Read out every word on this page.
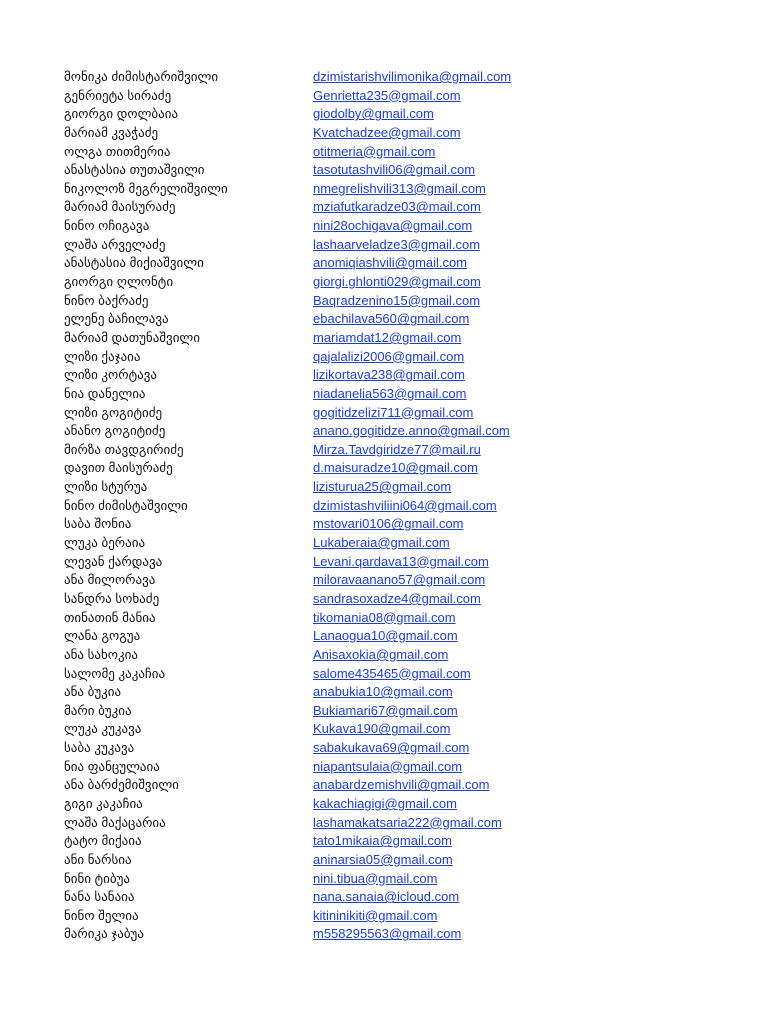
მონიკა ძიმისტარიშვილი	dzimistarishvilimonika@gmail.com
გენრიეტა სირაძე	Genrietta235@gmail.com
გიორგი დოლბაია	giodolby@gmail.com
მარიამ კვაჭაძე	Kvatchadzee@gmail.com
ოლგა თითმერია	otitmeria@gmail.com
ანასტასია თუთაშვილი	tasotutashvili06@gmail.com
ნიკოლოზ მეგრელიშვილი	nmegrelishvili313@gmail.com
მარიამ მაისურაძე	mziafutkaradze03@mail.com
ნინო ოჩიგავა	nini28ochigava@gmail.com
ლაშა არველაძე	lashaarveladze3@gmail.com
ანასტასია მიქიაშვილი	anomiqiashvili@gmail.com
გიორგი ღლონტი	giorgi.ghlonti029@gmail.com
ნინო ბაქრაძე	Baqradzenino15@gmail.com
ელენე ბაჩილავა	ebachilava560@gmail.com
მარიამ დათუნაშვილი	mariamdat12@gmail.com
ლიზი ქაჯაია	qajalalizi2006@gmail.com
ლიზი კორტავა	lizikortava238@gmail.com
ნია დანელია	niadanelia563@gmail.com
ლიზი გოგიტიძე	gogitidzelizi711@gmail.com
ანანო გოგიტიძე	anano.gogitidze.anno@gmail.com
მირზა თავდგირიძე	Mirza.Tavdgiridze77@mail.ru
დავით მაისურაძე	d.maisuradze10@gmail.com
ლიზი სტურუა	lizisturua25@gmail.com
ნინო ძიმისტაშვილი	dzimistashviliini064@gmail.com
საბა შონია	mstovari0106@gmail.com
ლუკა ბერაია	Lukaberaia@gmail.com
ლევან ქარდავა	Levani.qardava13@gmail.com
ანა მილორავა	miloravaanano57@gmail.com
სანდრა სოხაძე	sandrasoxadze4@gmail.com
თინათინ მანია	tikomania08@gmail.com
ლანა გოგუა	Lanaogua10@gmail.com
ანა სახოკია	Anisaxokia@gmail.com
სალომე კაკაჩია	salome435465@gmail.com
ანა ბუკია	anabukia10@gmail.com
მარი ბუკია	Bukiamari67@gmail.com
ლუკა კუკავა	Kukava190@gmail.com
საბა კუკავა	sabakukava69@gmail.com
ნია ფანცულაია	niapantsulaia@gmail.com
ანა ბარძემიშვილი	anabardzemishvili@gmail.com
გიგი კაკაჩია	kakachiagigi@gmail.com
ლაშა მაქაცარია	lashamakatsaria222@gmail.com
ტატო მიქაია	tato1mikaia@gmail.com
ანი ნარსია	aninarsia05@gmail.com
ნინი ტიბუა	nini.tibua@gmail.com
ნანა სანაია	nana.sanaia@icloud.com
ნინო შელია	kitininikiti@gmail.com
მარიკა ჯაბუა	m558295563@gmail.com
